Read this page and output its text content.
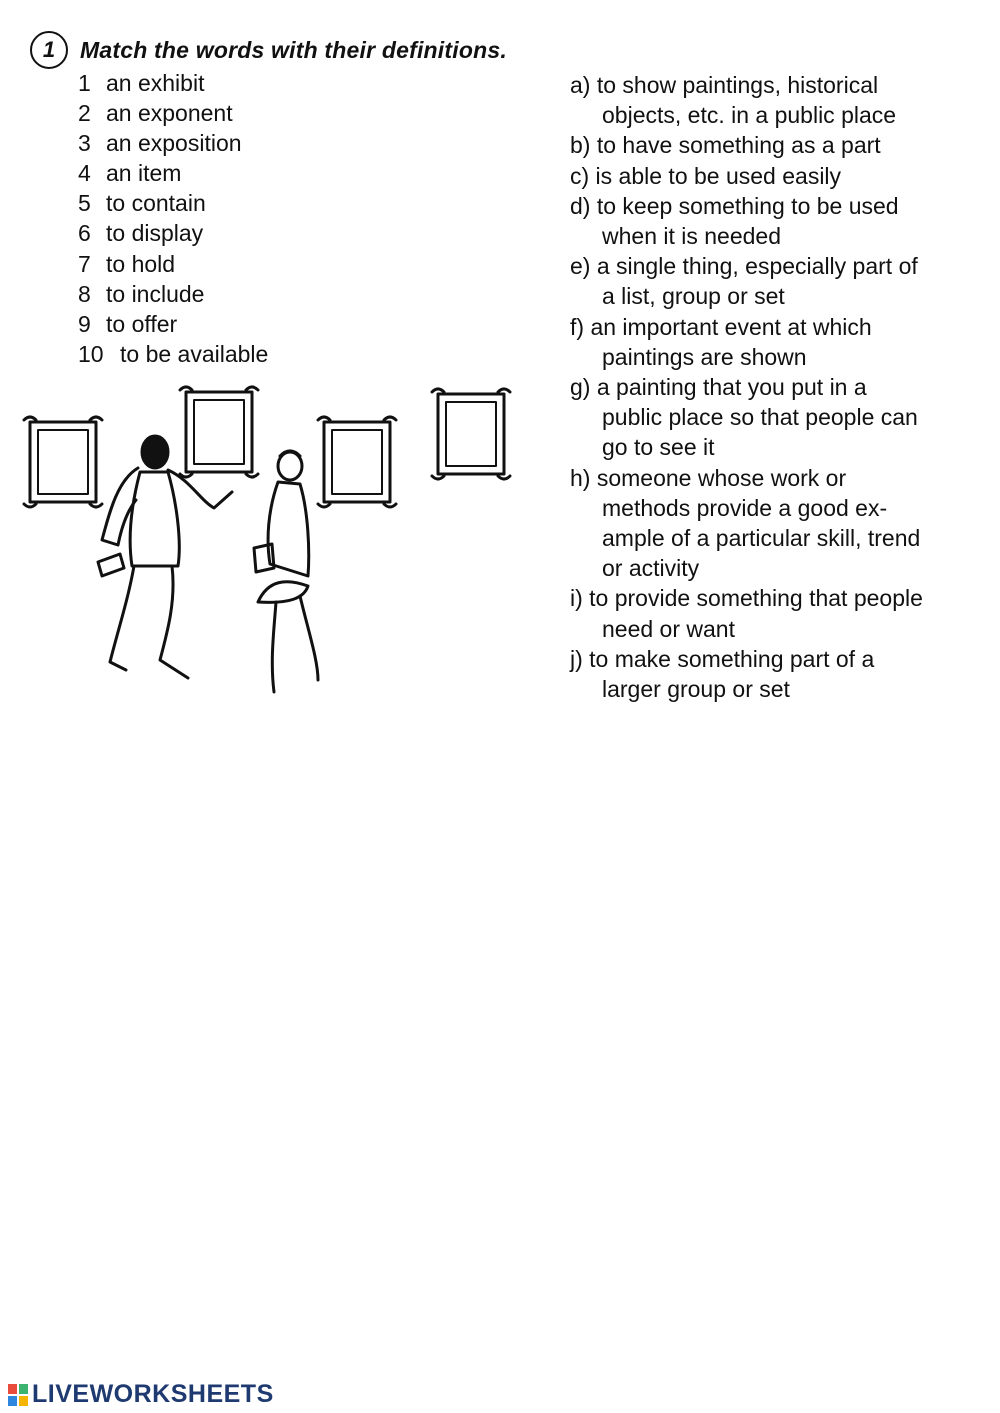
1	Match the words with their definitions.
1 an exhibit
2 an exponent
3 an exposition
4 an item
5 to contain
6 to display
7 to hold
8 to include
9 to offer
10 to be available
a) to show paintings, historical
objects, etc. in a public place
b) to have something as a part
c) is able to be used easily
d) to keep something to be used
when it is needed
e) a single thing, especially part of
a list, group or set
f) an important event at which
paintings are shown
g) a painting that you put in a
public place so that people can
go to see it
h) someone whose work or
methods provide a good ex-
ample of a particular skill, trend
or activity
i) to provide something that people
need or want
j) to make something part of a
larger group or set
LIVEWORKSHEETS
